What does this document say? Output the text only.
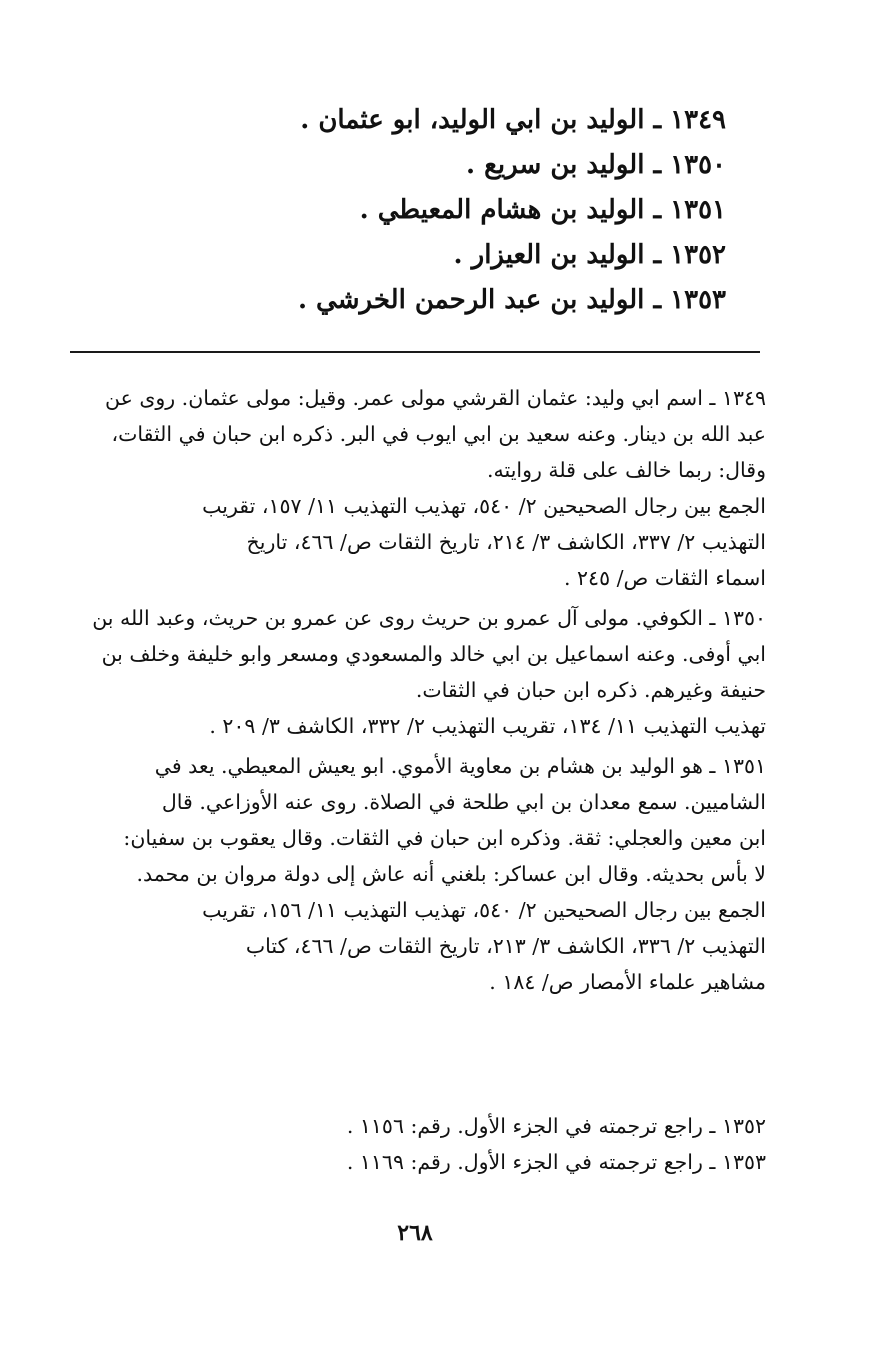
١٣٤٩ ـ الوليد بن ابي الوليد، ابو عثمان .
١٣٥٠ ـ الوليد بن سريع .
١٣٥١ ـ الوليد بن هشام المعيطي .
١٣٥٢ ـ الوليد بن العيزار .
١٣٥٣ ـ الوليد بن عبد الرحمن الخرشي .
١٣٤٩ ـ اسم ابي وليد: عثمان القرشي مولى عمر. وقيل: مولى عثمان. روى عن
عبد الله بن دينار. وعنه سعيد بن ابي ايوب في البر. ذكره ابن حبان في الثقات،
وقال: ربما خالف على قلة روايته.
الجمع بين رجال الصحيحين ٢/ ٥٤٠، تهذيب التهذيب ١١/ ١٥٧، تقريب
التهذيب ٢/ ٣٣٧، الكاشف ٣/ ٢١٤، تاريخ الثقات ص/ ٤٦٦، تاريخ
اسماء الثقات ص/ ٢٤٥ .
١٣٥٠ ـ الكوفي. مولى آل عمرو بن حريث روى عن عمرو بن حريث، وعبد الله بن
ابي أوفى. وعنه اسماعيل بن ابي خالد والمسعودي ومسعر وابو خليفة وخلف بن
حنيفة وغيرهم. ذكره ابن حبان في الثقات.
تهذيب التهذيب ١١/ ١٣٤، تقريب التهذيب ٢/ ٣٣٢، الكاشف ٣/ ٢٠٩ .
١٣٥١ ـ هو الوليد بن هشام بن معاوية الأموي. ابو يعيش المعيطي. يعد في
الشاميين. سمع معدان بن ابي طلحة في الصلاة. روى عنه الأوزاعي. قال
ابن معين والعجلي: ثقة. وذكره ابن حبان في الثقات. وقال يعقوب بن سفيان:
لا بأس بحديثه. وقال ابن عساكر: بلغني أنه عاش إلى دولة مروان بن محمد.
الجمع بين رجال الصحيحين ٢/ ٥٤٠، تهذيب التهذيب ١١/ ١٥٦، تقريب
التهذيب ٢/ ٣٣٦، الكاشف ٣/ ٢١٣، تاريخ الثقات ص/ ٤٦٦، كتاب
مشاهير علماء الأمصار ص/ ١٨٤ .
١٣٥٢ ـ راجع ترجمته في الجزء الأول. رقم: ١١٥٦ .
١٣٥٣ ـ راجع ترجمته في الجزء الأول. رقم: ١١٦٩ .
٢٦٨
